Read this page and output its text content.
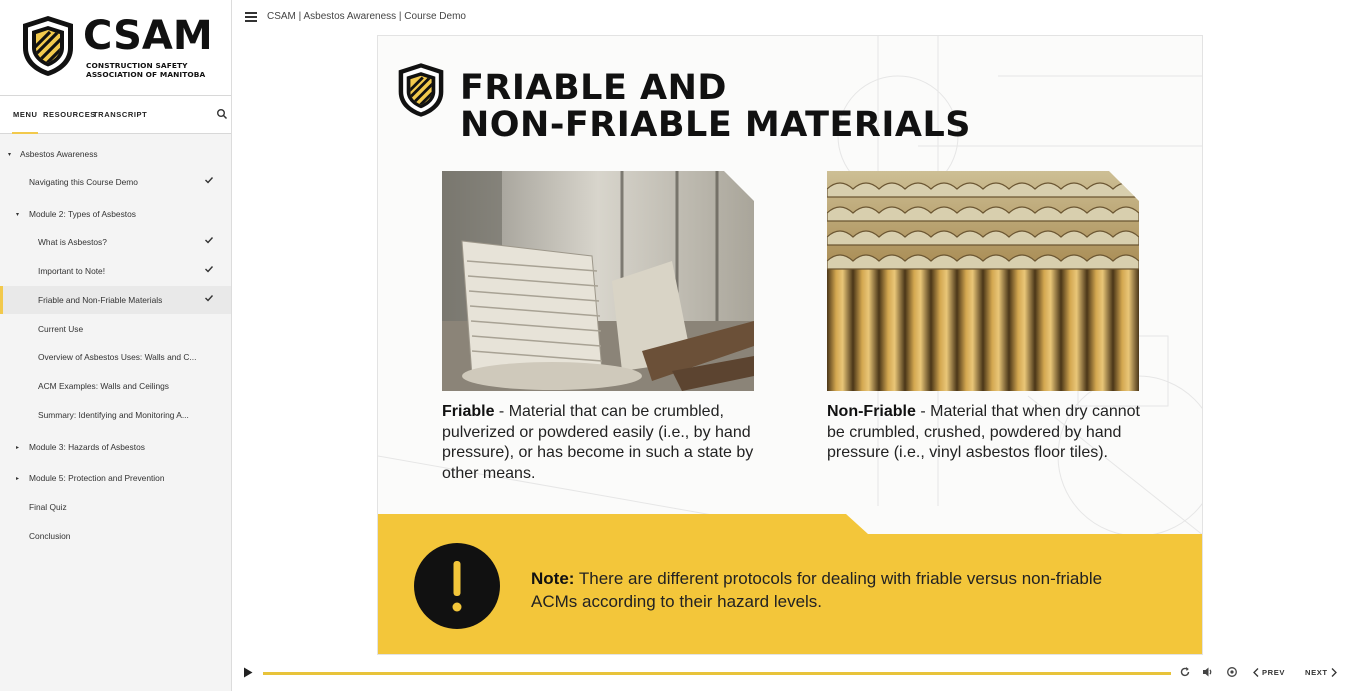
CSAM
CONSTRUCTION SAFETY
ASSOCIATION OF MANITOBA
MENU RESOURCES
TRANSCRIPT
▾ Asbestos Awareness
Navigating this Course Demo
▾ Module 2: Types of Asbestos
What is Asbestos?
Important to Note!
Friable and Non-Friable Materials
Current Use
Overview of Asbestos Uses: Walls and C...
ACM Examples: Walls and Ceilings
Summary: Identifying and Monitoring A...
▸ Module 3: Hazards of Asbestos
▸ Module 5: Protection and Prevention
Final Quiz
Conclusion
CSAM | Asbestos Awareness | Course Demo
FRIABLE AND
NON-FRIABLE MATERIALS
Friable - Material that can be crumbled, pulverized or powdered easily (i.e., by hand pressure), or has become in such a state by other means.
Non-Friable - Material that when dry cannot be crumbled, crushed, powdered by hand pressure (i.e., vinyl asbestos floor tiles).
Note: There are different protocols for dealing with friable versus non-friable ACMs according to their hazard levels.
PREV	NEXT
